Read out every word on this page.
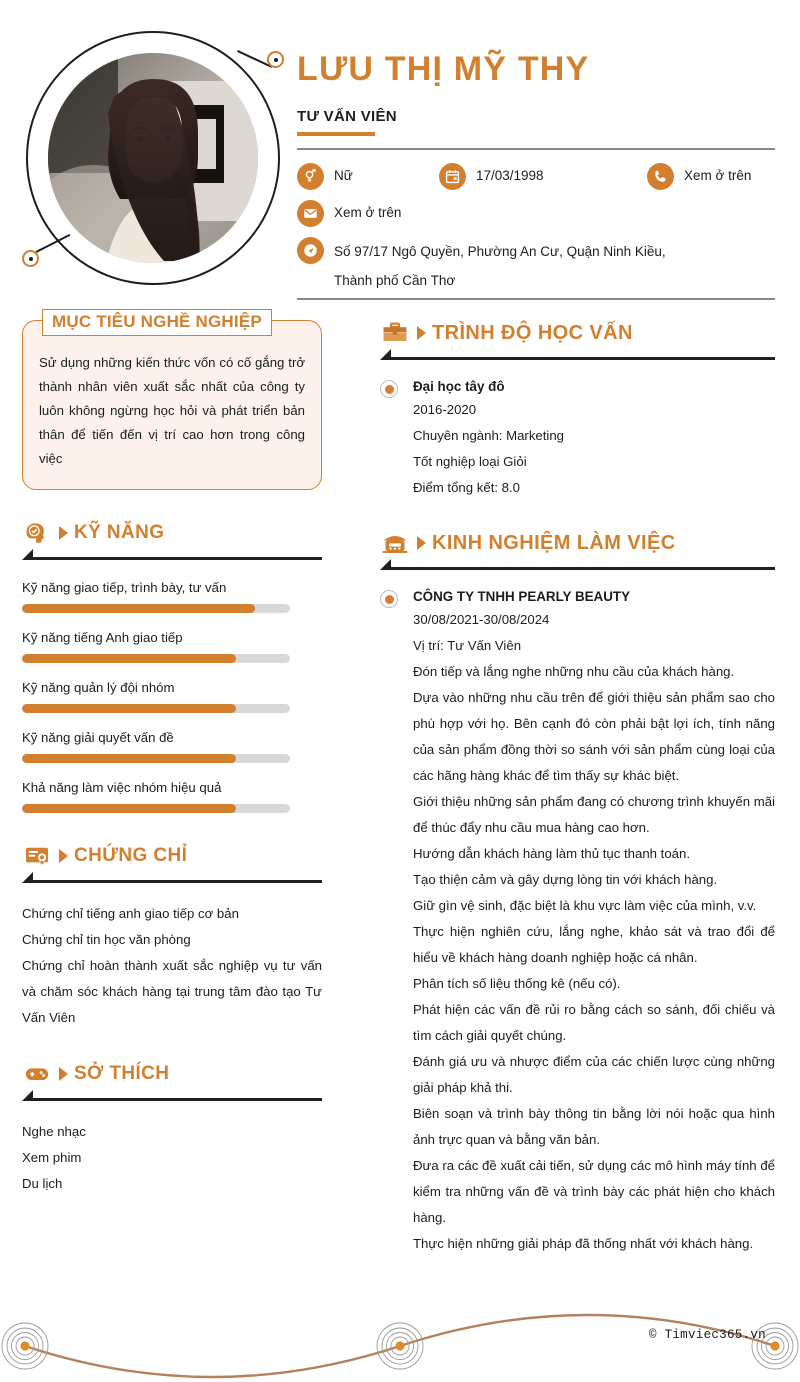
LƯU THỊ MỸ THY
TƯ VẤN VIÊN
Nữ	17/03/1998	Xem ở trên
Xem ở trên
Số 97/17 Ngô Quyền, Phường An Cư, Quận Ninh Kiều,
Thành phố Cần Thơ
MỤC TIÊU NGHỀ NGHIỆP
Sử dụng những kiến thức vốn có cố gắng trở thành nhân viên xuất sắc nhất của công ty luôn không ngừng học hỏi và phát triển bản thân để tiến đến vị trí cao hơn trong công việc
KỸ NĂNG
Kỹ năng giao tiếp, trình bày, tư vấn
Kỹ năng tiếng Anh giao tiếp
Kỹ năng quản lý đội nhóm
Kỹ năng giải quyết vấn đề
Khả năng làm việc nhóm hiệu quả
CHỨNG CHỈ
Chứng chỉ tiếng anh giao tiếp cơ bản
Chứng chỉ tin học văn phòng
Chứng chỉ hoàn thành xuất sắc nghiệp vụ tư vấn và chăm sóc khách hàng tại trung tâm đào tạo Tư Vấn Viên
SỞ THÍCH
Nghe nhạc
Xem phim
Du lịch
TRÌNH ĐỘ HỌC VẤN
Đại học tây đô
2016-2020
Chuyên ngành: Marketing
Tốt nghiệp loại Giỏi
Điểm tổng kết: 8.0
KINH NGHIỆM LÀM VIỆC
CÔNG TY TNHH PEARLY BEAUTY
30/08/2021-30/08/2024
Vị trí: Tư Vấn Viên
Đón tiếp và lắng nghe những nhu cầu của khách hàng.
Dựa vào những nhu cầu trên để giới thiệu sản phẩm sao cho phù hợp với họ. Bên cạnh đó còn phải bật lợi ích, tính năng của sản phẩm đồng thời so sánh với sản phẩm cùng loại của các hãng hàng khác để tìm thấy sự khác biệt.
Giới thiệu những sản phẩm đang có chương trình khuyến mãi để thúc đẩy nhu cầu mua hàng cao hơn.
Hướng dẫn khách hàng làm thủ tục thanh toán.
Tạo thiện cảm và gây dựng lòng tin với khách hàng.
Giữ gìn vệ sinh, đặc biệt là khu vực làm việc của mình, v.v.
Thực hiện nghiên cứu, lắng nghe, khảo sát và trao đổi để hiểu về khách hàng doanh nghiệp hoặc cá nhân.
Phân tích số liệu thống kê (nếu có).
Phát hiện các vấn đề rủi ro bằng cách so sánh, đối chiếu và tìm cách giải quyết chúng.
Đánh giá ưu và nhược điểm của các chiến lược cùng những giải pháp khả thi.
Biên soạn và trình bày thông tin bằng lời nói hoặc qua hình ảnh trực quan và bằng văn bản.
Đưa ra các đề xuất cải tiến, sử dụng các mô hình máy tính để kiểm tra những vấn đề và trình bày các phát hiện cho khách hàng.
Thực hiện những giải pháp đã thống nhất với khách hàng.
© Timviec365.vn
